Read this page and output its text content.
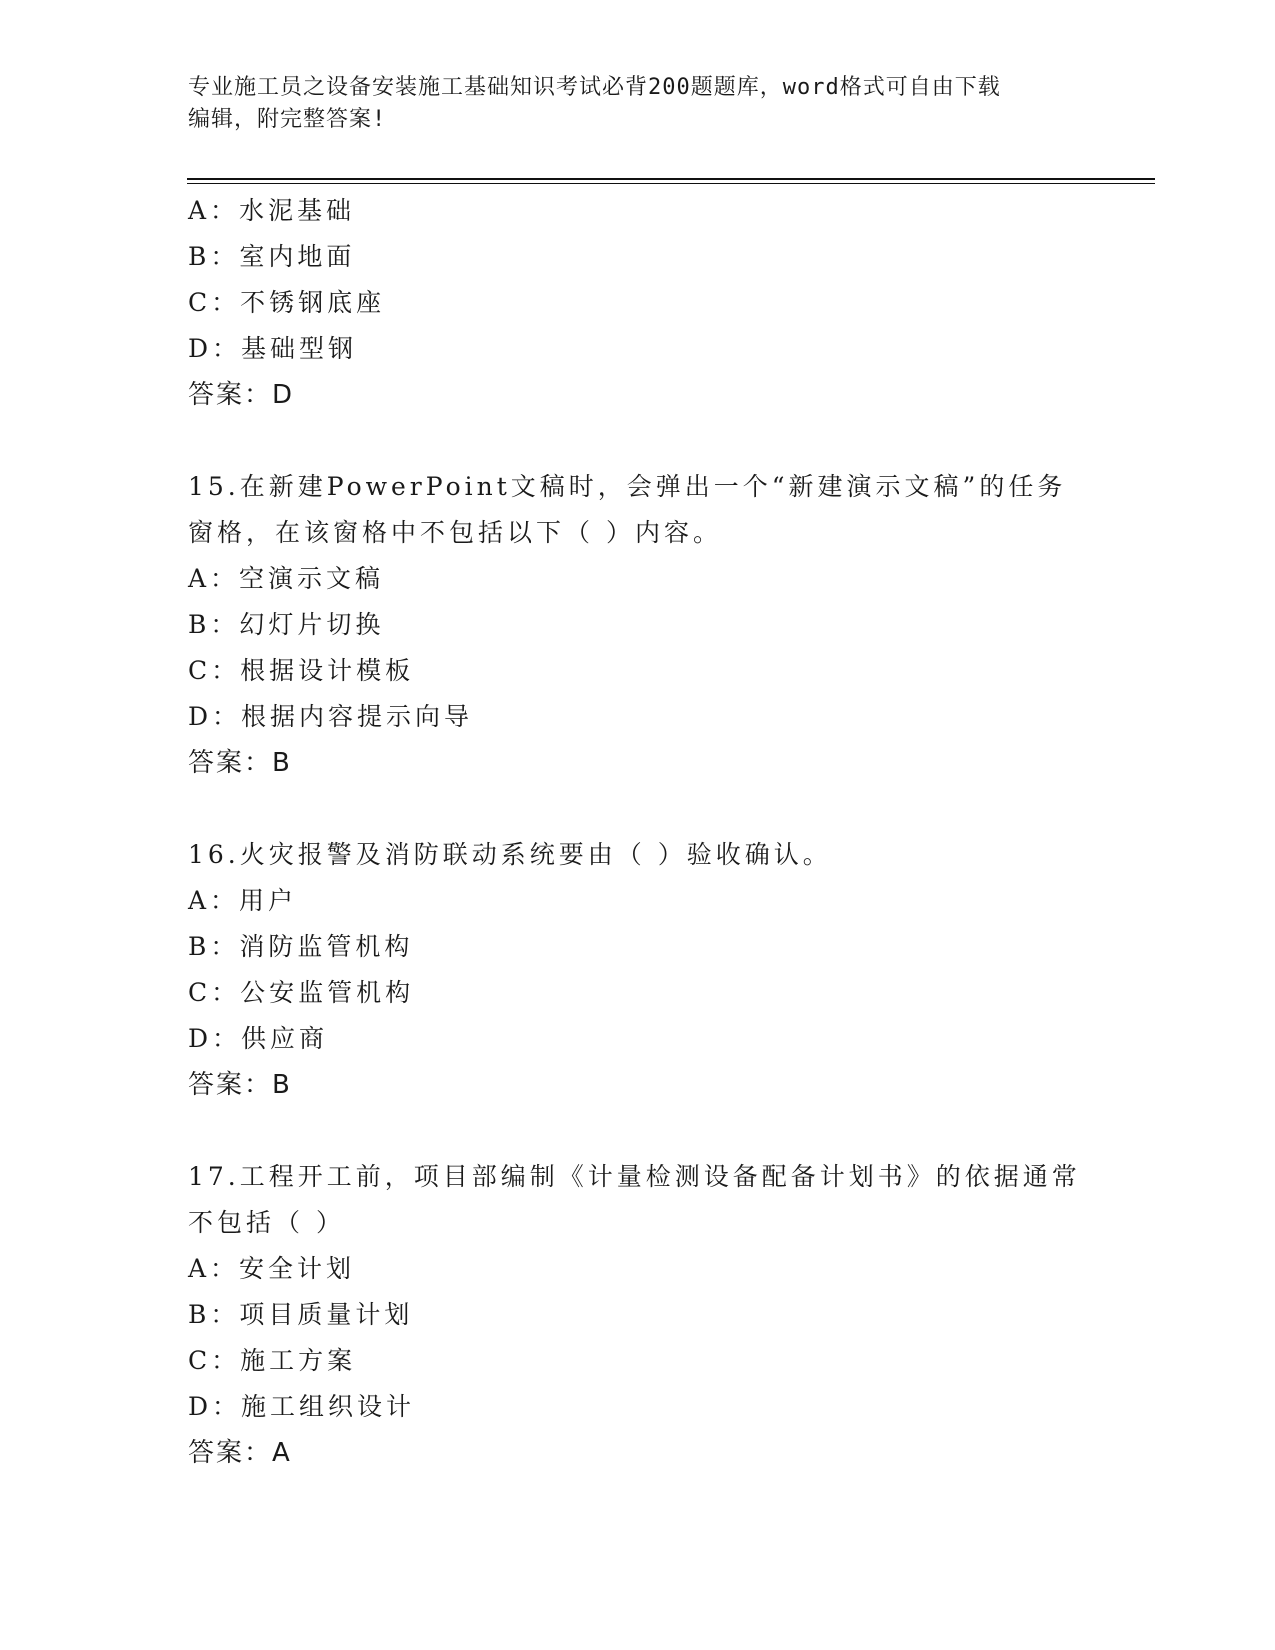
专业施工员之设备安装施工基础知识考试必背200题题库，word格式可自由下载
编辑，附完整答案!
A：水泥基础
B：室内地面
C：不锈钢底座
D：基础型钢
答案：D
15.在新建PowerPoint文稿时，会弹出一个“新建演示文稿”的任务
窗格，在该窗格中不包括以下（ ）内容。
A：空演示文稿
B：幻灯片切换
C：根据设计模板
D：根据内容提示向导
答案：B
16.火灾报警及消防联动系统要由（ ）验收确认。
A：用户
B：消防监管机构
C：公安监管机构
D：供应商
答案：B
17.工程开工前，项目部编制《计量检测设备配备计划书》的依据通常
不包括（ ）
A：安全计划
B：项目质量计划
C：施工方案
D：施工组织设计
答案：A
